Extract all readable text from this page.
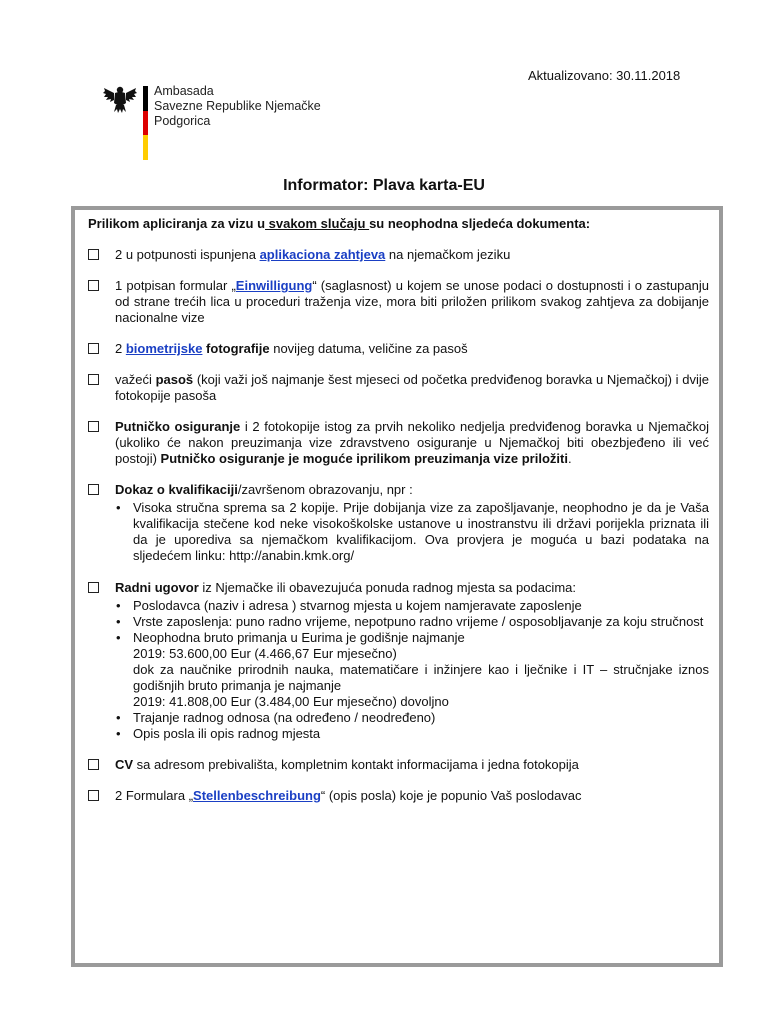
Aktualizovano: 30.11.2018
Ambasada
Savezne Republike Njemačke
Podgorica
Informator: Plava karta-EU
Prilikom apliciranja za vizu u svakom slučaju su neophodna sljedeća dokumenta:
2 u potpunosti ispunjena aplikaciona zahtjeva na njemačkom jeziku
1 potpisan formular „Einwilligung“ (saglasnost) u kojem se unose podaci o dostupnosti i o zastupanju od strane trećih lica u proceduri traženja vize, mora biti priložen prilikom svakog zahtjeva za dobijanje nacionalne vize
2 biometrijske fotografije novijeg datuma, veličine za pasoš
važeći pasoš (koji važi još najmanje šest mjeseci od početka predviđenog boravka u Njemačkoj) i dvije fotokopije pasoša
Putničko osiguranje i 2 fotokopije istog za prvih nekoliko nedjelja predviđenog boravka u Njemačkoj (ukoliko će nakon preuzimanja vize zdravstveno osiguranje u Njemačkoj biti obezbjeđeno ili već postoji) Putničko osiguranje je moguće iprilikom preuzimanja vize priložiti.
Dokaz o kvalifikaciji/završenom obrazovanju, npr :
• Visoka stručna sprema sa 2 kopije. Prije dobijanja vize za zapošljavanje, neophodno je da je Vaša kvalifikacija stečene kod neke visokoškolske ustanove u inostranstvu ili državi porijekla priznata ili da je uporediva sa njemačkom kvalifikacijom. Ova provjera je moguća u bazi podataka na sljedećem linku: http://anabin.kmk.org/
Radni ugovor iz Njemačke ili obavezujuća ponuda radnog mjesta sa podacima:
• Poslodavca (naziv i adresa ) stvarnog mjesta u kojem namjeravate zaposlenje
• Vrste zaposlenja: puno radno vrijeme, nepotpuno radno vrijeme / osposobljavanje za koju stručnost
• Neophodna bruto primanja u Eurima je godišnje najmanje
2019: 53.600,00 Eur (4.466,67 Eur mjesečno)
dok za naučnike prirodnih nauka, matematičare i inžinjere kao i lječnike i IT – stručnjake iznos godišnjih bruto primanja je najmanje
2019: 41.808,00 Eur (3.484,00 Eur mjesečno) dovoljno
• Trajanje radnog odnosa (na određeno / neodređeno)
• Opis posla ili opis radnog mjesta
CV sa adresom prebivališta, kompletnim kontakt informacijama i jedna fotokopija
2 Formulara „Stellenbeschreibung“ (opis posla) koje je popunio Vaš poslodavac
